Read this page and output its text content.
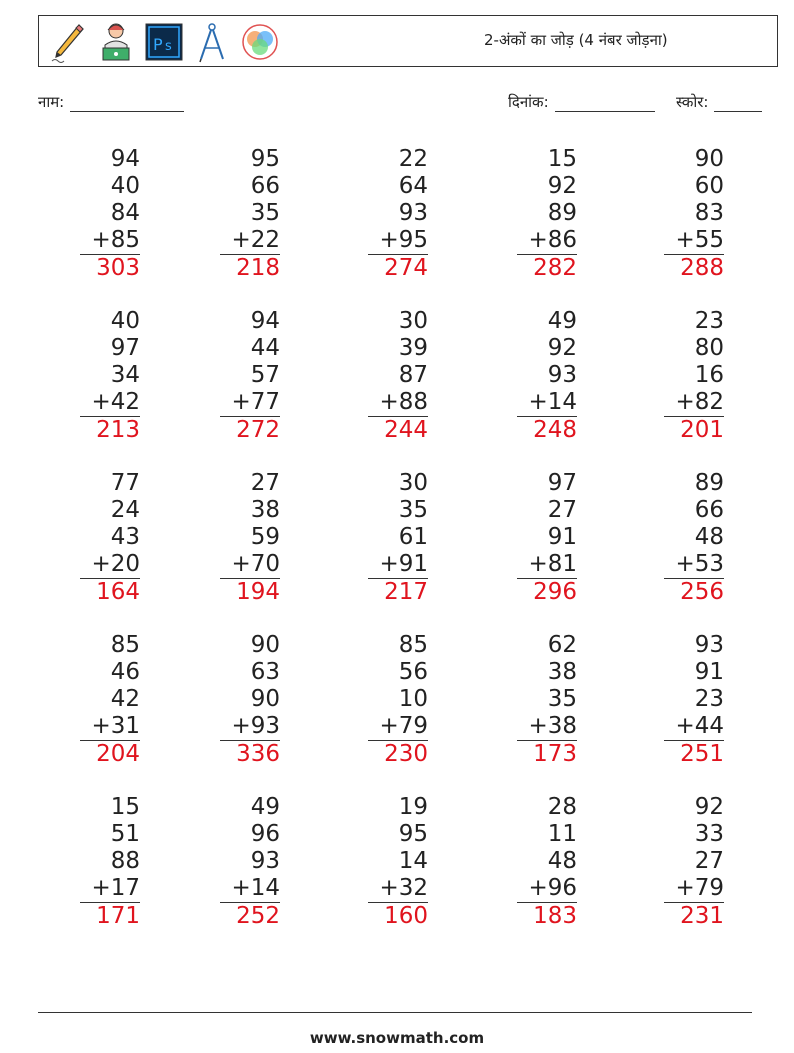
P s	2-अंकों का जोड़ (4 नंबर जोड़ना)
नाम:	दिनांक:	स्कोर:
94
40
84
+85
303
95
66
35
+22
218
22
64
93
+95
274
15
92
89
+86
282
90
60
83
+55
288
40
97
34
+42
213
94
44
57
+77
272
30
39
87
+88
244
49
92
93
+14
248
23
80
16
+82
201
77
24
43
+20
164
27
38
59
+70
194
30
35
61
+91
217
97
27
91
+81
296
89
66
48
+53
256
85
46
42
+31
204
90
63
90
+93
336
85
56
10
+79
230
62
38
35
+38
173
93
91
23
+44
251
15
51
88
+17
171
49
96
93
+14
252
19
95
14
+32
160
28
11
48
+96
183
92
33
27
+79
231
www.snowmath.com
